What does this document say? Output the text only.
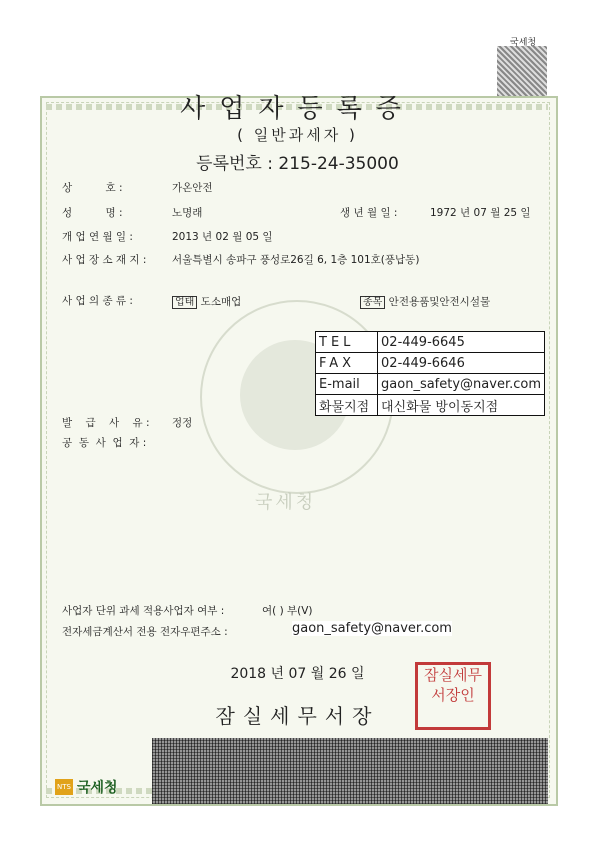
국세청
국세청
사업자등록증
( 일반과세자 )
등록번호 : 215-24-35000
상          호 :	가온안전
성          명 :	노명래	생 년 월 일 :	1972 년 07 월 25 일
개 업 연 월 일 :	2013 년 02 월 05 일
사 업 장 소 재 지 : 서울특별시 송파구 풍성로26길 6, 1층 101호(풍납동)
사 업 의 종 류 :	업태 도소매업	종목 안전용품및안전시설물
TEL	02-449-6645
FAX	02-449-6646
E-mail	gaon_safety@naver.com
화물지점	대신화물 방이동지점
발    급    사    유 : 정정
공  동  사  업  자 :
사업자 단위 과세 적용사업자 여부 :	여( ) 부(V)
전자세금계산서 전용 전자우편주소 :	gaon_safety@naver.com
2018 년 07 월 26 일
잠실세무서장
잠실세무서장인
NTS 국세청
